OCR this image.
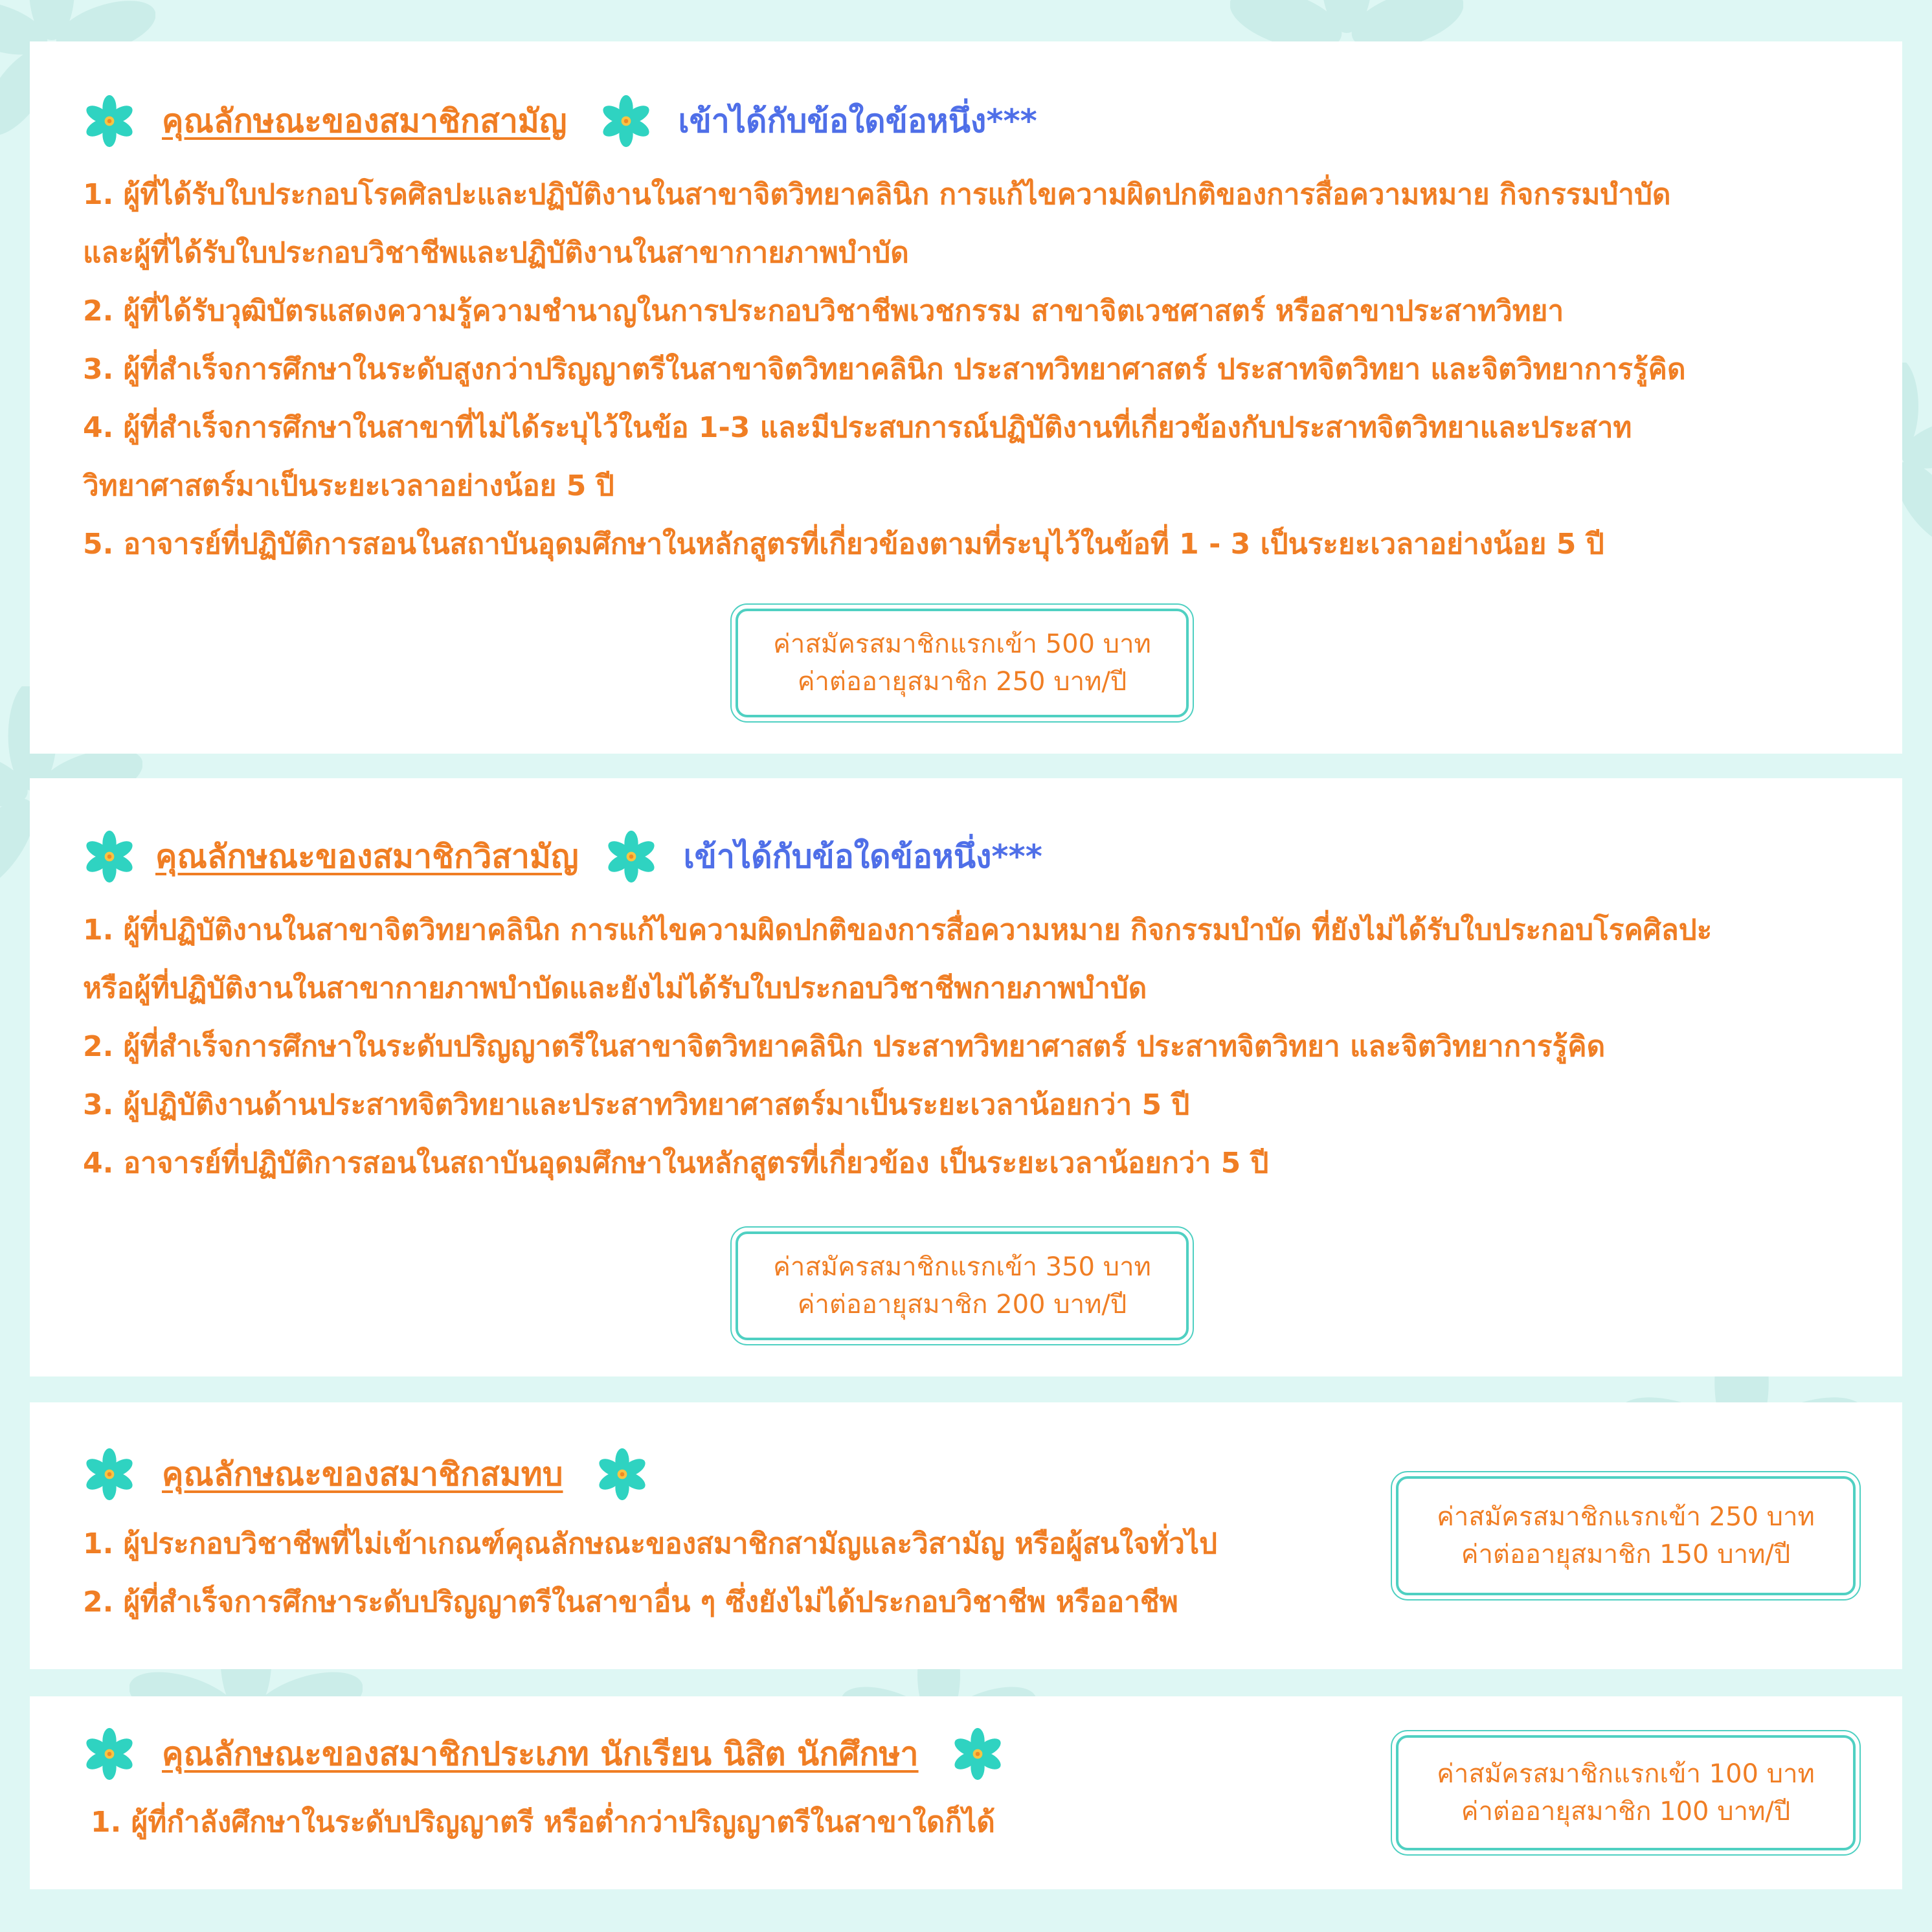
คุณลักษณะของสมาชิกสามัญ	เข้าได้กับข้อใดข้อหนึ่ง***
1. ผู้ที่ได้รับใบประกอบโรคศิลปะและปฏิบัติงานในสาขาจิตวิทยาคลินิก การแก้ไขความผิดปกติของการสื่อความหมาย กิจกรรมบำบัด
และผู้ที่ได้รับใบประกอบวิชาชีพและปฏิบัติงานในสาขากายภาพบำบัด
2. ผู้ที่ได้รับวุฒิบัตรแสดงความรู้ความชำนาญในการประกอบวิชาชีพเวชกรรม สาขาจิตเวชศาสตร์ หรือสาขาประสาทวิทยา
3. ผู้ที่สำเร็จการศึกษาในระดับสูงกว่าปริญญาตรีในสาขาจิตวิทยาคลินิก ประสาทวิทยาศาสตร์ ประสาทจิตวิทยา และจิตวิทยาการรู้คิด
4. ผู้ที่สำเร็จการศึกษาในสาขาที่ไม่ได้ระบุไว้ในข้อ 1-3 และมีประสบการณ์ปฏิบัติงานที่เกี่ยวข้องกับประสาทจิตวิทยาและประสาท
วิทยาศาสตร์มาเป็นระยะเวลาอย่างน้อย 5 ปี
5. อาจารย์ที่ปฏิบัติการสอนในสถาบันอุดมศึกษาในหลักสูตรที่เกี่ยวข้องตามที่ระบุไว้ในข้อที่ 1 - 3 เป็นระยะเวลาอย่างน้อย 5 ปี
ค่าสมัครสมาชิกแรกเข้า 500 บาท
ค่าต่ออายุสมาชิก 250 บาท/ปี
คุณลักษณะของสมาชิกวิสามัญ	เข้าได้กับข้อใดข้อหนึ่ง***
1. ผู้ที่ปฏิบัติงานในสาขาจิตวิทยาคลินิก การแก้ไขความผิดปกติของการสื่อความหมาย กิจกรรมบำบัด ที่ยังไม่ได้รับใบประกอบโรคศิลปะ
หรือผู้ที่ปฏิบัติงานในสาขากายภาพบำบัดและยังไม่ได้รับใบประกอบวิชาชีพกายภาพบำบัด
2. ผู้ที่สำเร็จการศึกษาในระดับปริญญาตรีในสาขาจิตวิทยาคลินิก ประสาทวิทยาศาสตร์ ประสาทจิตวิทยา และจิตวิทยาการรู้คิด
3. ผู้ปฏิบัติงานด้านประสาทจิตวิทยาและประสาทวิทยาศาสตร์มาเป็นระยะเวลาน้อยกว่า 5 ปี
4. อาจารย์ที่ปฏิบัติการสอนในสถาบันอุดมศึกษาในหลักสูตรที่เกี่ยวข้อง เป็นระยะเวลาน้อยกว่า 5 ปี
ค่าสมัครสมาชิกแรกเข้า 350 บาท
ค่าต่ออายุสมาชิก 200 บาท/ปี
คุณลักษณะของสมาชิกสมทบ
1. ผู้ประกอบวิชาชีพที่ไม่เข้าเกณฑ์คุณลักษณะของสมาชิกสามัญและวิสามัญ หรือผู้สนใจทั่วไป
2. ผู้ที่สำเร็จการศึกษาระดับปริญญาตรีในสาขาอื่น ๆ ซึ่งยังไม่ได้ประกอบวิชาชีพ หรืออาชีพ
ค่าสมัครสมาชิกแรกเข้า 250 บาท
ค่าต่ออายุสมาชิก 150 บาท/ปี
คุณลักษณะของสมาชิกประเภท นักเรียน นิสิต นักศึกษา
1. ผู้ที่กำลังศึกษาในระดับปริญญาตรี หรือต่ำกว่าปริญญาตรีในสาขาใดก็ได้
ค่าสมัครสมาชิกแรกเข้า 100 บาท
ค่าต่ออายุสมาชิก 100 บาท/ปี
